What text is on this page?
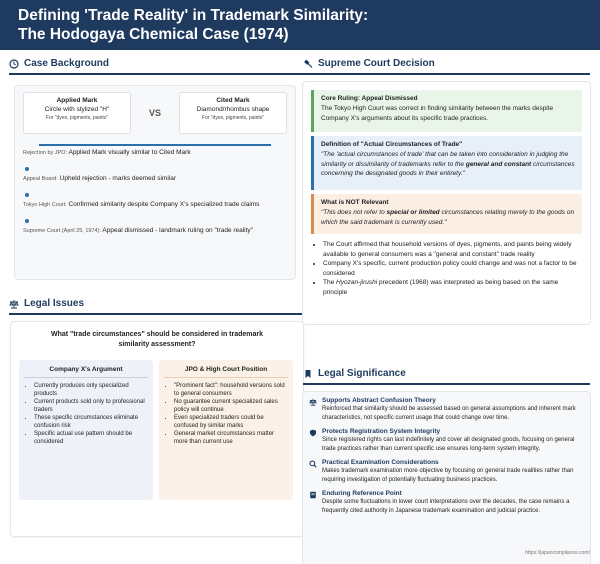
Defining 'Trade Reality' in Trademark Similarity:
The Hodogaya Chemical Case (1974)
Case Background
Applied Mark
Circle with stylized "H"
For "dyes, pigments, paints"	VS
Cited Mark
Diamond/rhombus shape
For "dyes, pigments, paints"
Rejection by JPO: Applied Mark visually similar to Cited Mark
Appeal Board: Upheld rejection - marks deemed similar
Tokyo High Court: Confirmed similarity despite Company X's specialized trade claims
Supreme Court (April 25, 1974): Appeal dismissed - landmark ruling on "trade reality"
Legal Issues
What "trade circumstances" should be considered in trademark similarity assessment?
Company X's Argument
• Currently produces only specialized products
• Current products sold only to professional traders
• These specific circumstances eliminate confusion risk
• Specific actual use pattern should be considered
JPO & High Court Position
• "Prominent fact": household versions sold to general consumers
• No guarantee current specialized sales policy will continue
• Even specialized traders could be confused by similar marks
• General market circumstances matter more than current use
Supreme Court Decision
Core Ruling: Appeal Dismissed

The Tokyo High Court was correct in finding similarity between the marks despite Company X's arguments about its specific trade practices.

Definition of "Actual Circumstances of Trade"

"The 'actual circumstances of trade' that can be taken into consideration in judging the similarity or dissimilarity of trademarks refer to the general and constant circumstances concerning the designated goods in their entirety."

What is NOT Relevant

"This does not refer to special or limited circumstances relating merely to the goods on which the said trademark is currently used."

• The Court affirmed that household versions of dyes, pigments, and paints being widely available to general consumers was a "general and constant" trade reality
• Company X's specific, current production policy could change and was not a factor to be considered
• The Hyozan-jirushi precedent (1968) was interpreted as being based on the same principle
Legal Significance
Supports Abstract Confusion Theory

Reinforced that similarity should be assessed based on general assumptions and inherent mark characteristics, not specific current usage that could change over time.

Protects Registration System Integrity

Since registered rights can last indefinitely and cover all designated goods, focusing on general trade practices rather than current specific use ensures long-term system integrity.

Practical Examination Considerations

Makes trademark examination more objective by focusing on general trade realities rather than requiring investigation of potentially fluctuating business practices.

Enduring Reference Point

Despite some fluctuations in lower court interpretations over the decades, the case remains a frequently cited authority in Japanese trademark examination and judicial practice.

https://japancompliance.com/
